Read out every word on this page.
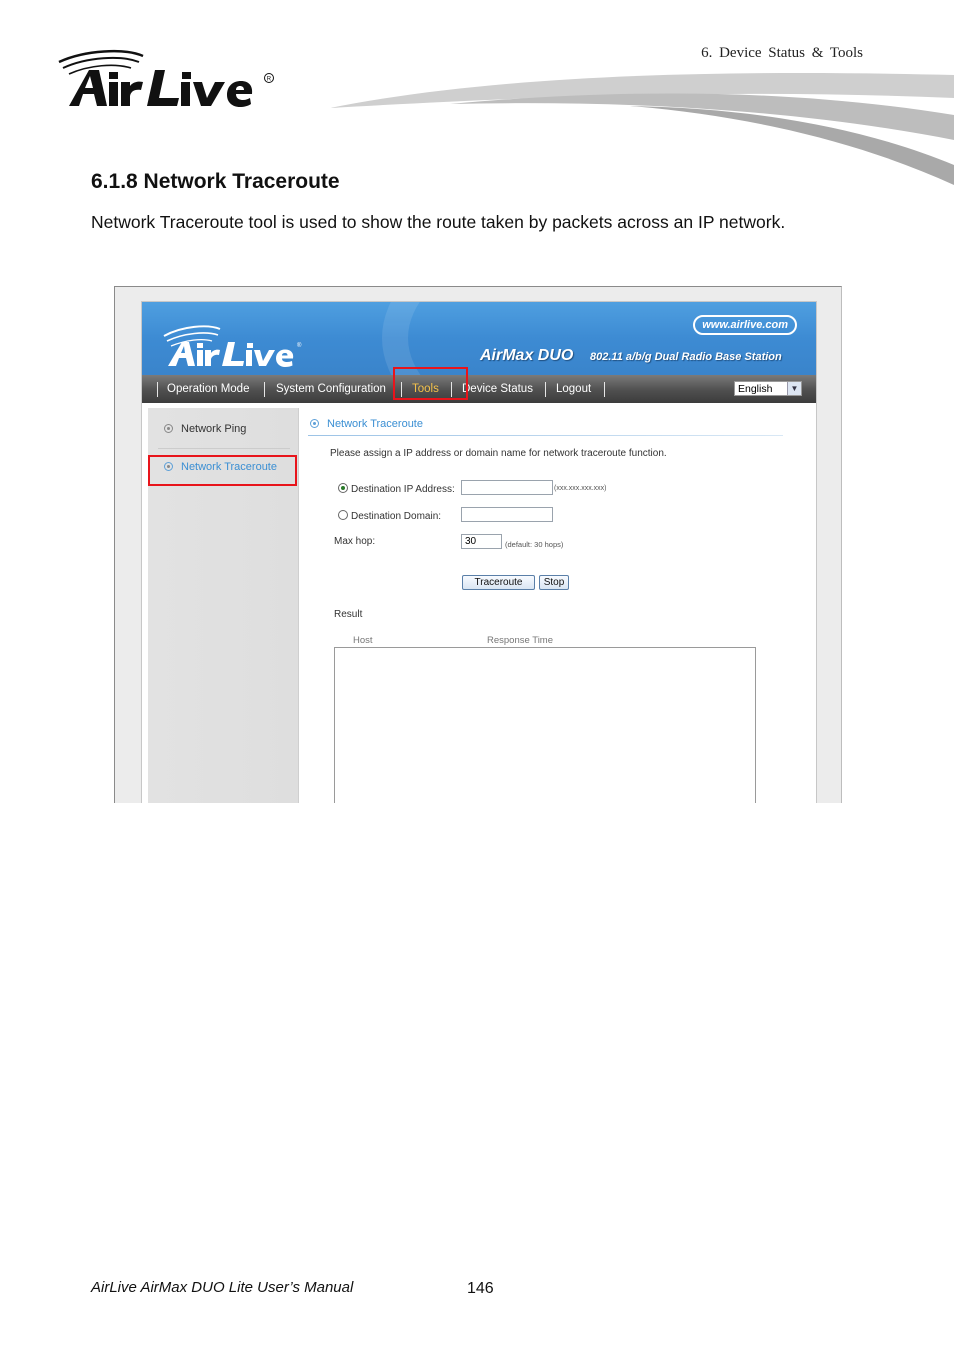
6. Device Status & Tools
R
6.1.8 Network Traceroute
Network Traceroute tool is used to show the route taken by packets across an IP network.
®
www.airlive.com
AirMax DUO 802.11 a/b/g Dual Radio Base Station
Operation Mode System Configuration Tools Device Status Logout	English	▼
Network Ping
Network Traceroute
Network Traceroute
Please assign a IP address or domain name for network traceroute function.
Destination IP Address:	(xxx.xxx.xxx.xxx)
Destination Domain:
Max hop:	30	(default: 30 hops)
Traceroute	Stop
Result
Host	Response Time
AirLive AirMax DUO Lite User’s Manual	146
